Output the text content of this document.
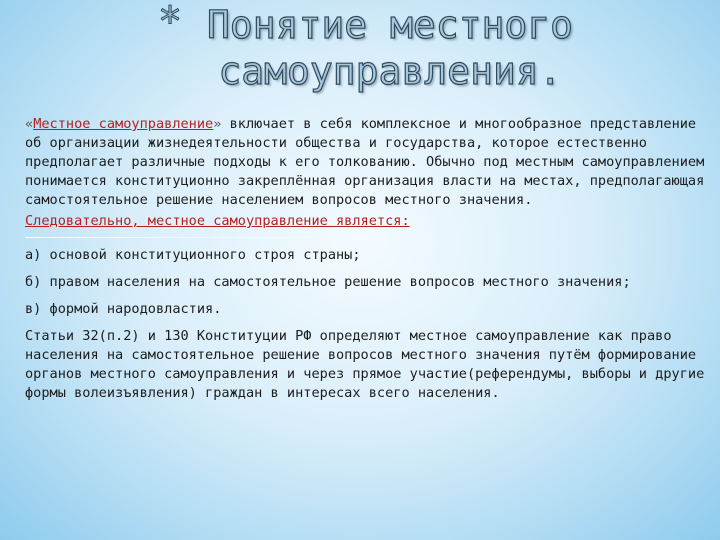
* Понятие местного
самоуправления.

«Местное самоуправление» включает в себя комплексное и многообразное представление об организации жизнедеятельности общества и государства, которое естественно предполагает различные подходы к его толкованию. Обычно под местным самоуправлением понимается конституционно закреплённая организация власти на местах, предполагающая самостоятельное решение населением вопросов местного значения.

Следовательно, местное самоуправление является:
а) основой конституционного строя страны;
б) правом населения на самостоятельное решение вопросов местного значения;
в) формой народовластия.
Статьи 32(п.2) и 130 Конституции РФ определяют местное самоуправление как право населения на самостоятельное решение вопросов местного значения путём формирование органов местного самоуправления и через прямое участие(референдумы, выборы и другие формы волеизъявления) граждан в интересах всего населения.
